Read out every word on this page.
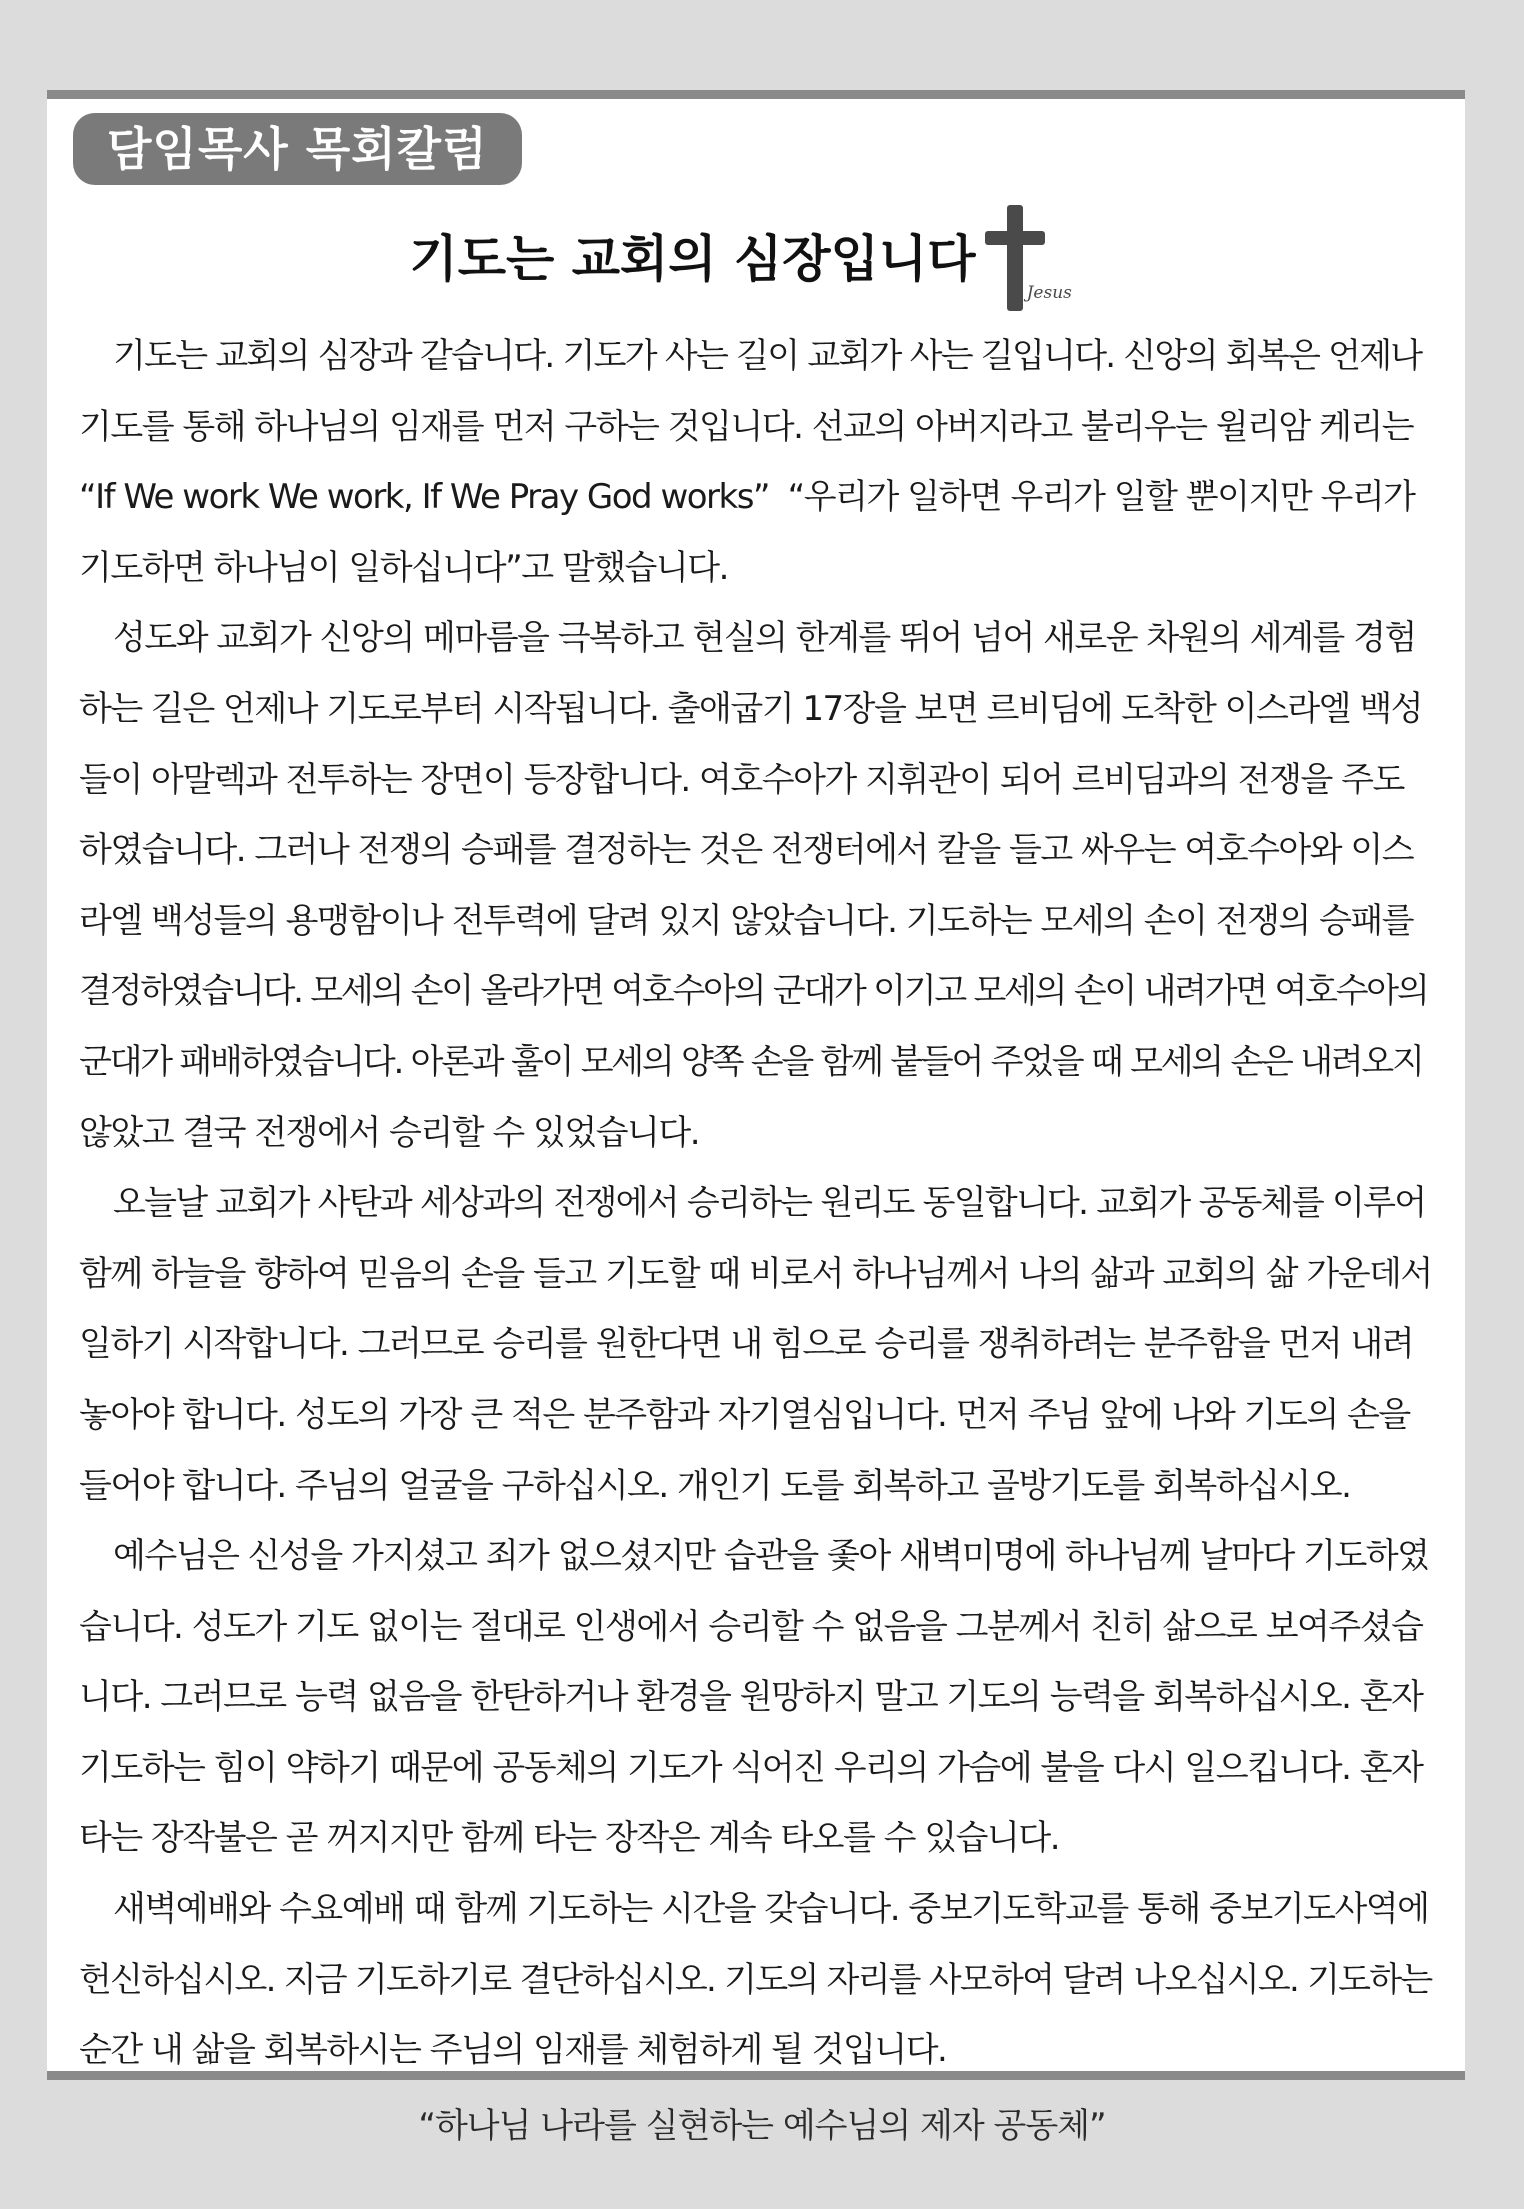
담임목사 목회칼럼
기도는 교회의 심장입니다
Jesus
기도는 교회의 심장과 같습니다. 기도가 사는 길이 교회가 사는 길입니다. 신앙의 회복은 언제나
기도를 통해 하나님의 임재를 먼저 구하는 것입니다. 선교의 아버지라고 불리우는 윌리암 케리는
“If We work We work, If We Pray God works”  “우리가 일하면 우리가 일할 뿐이지만 우리가
기도하면 하나님이 일하십니다”고 말했습니다.
성도와 교회가 신앙의 메마름을 극복하고 현실의 한계를 뛰어 넘어 새로운 차원의 세계를 경험
하는 길은 언제나 기도로부터 시작됩니다. 출애굽기 17장을 보면 르비딤에 도착한 이스라엘 백성
들이 아말렉과 전투하는 장면이 등장합니다. 여호수아가 지휘관이 되어 르비딤과의 전쟁을 주도
하였습니다. 그러나 전쟁의 승패를 결정하는 것은 전쟁터에서 칼을 들고 싸우는 여호수아와 이스
라엘 백성들의 용맹함이나 전투력에 달려 있지 않았습니다. 기도하는 모세의 손이 전쟁의 승패를
결정하였습니다. 모세의 손이 올라가면 여호수아의 군대가 이기고 모세의 손이 내려가면 여호수아의
군대가 패배하였습니다. 아론과 훌이 모세의 양쪽 손을 함께 붙들어 주었을 때 모세의 손은 내려오지
않았고 결국 전쟁에서 승리할 수 있었습니다.
오늘날 교회가 사탄과 세상과의 전쟁에서 승리하는 원리도 동일합니다. 교회가 공동체를 이루어
함께 하늘을 향하여 믿음의 손을 들고 기도할 때 비로서 하나님께서 나의 삶과 교회의 삶 가운데서
일하기 시작합니다. 그러므로 승리를 원한다면 내 힘으로 승리를 쟁취하려는 분주함을 먼저 내려
놓아야 합니다. 성도의 가장 큰 적은 분주함과 자기열심입니다. 먼저 주님 앞에 나와 기도의 손을
들어야 합니다. 주님의 얼굴을 구하십시오. 개인기 도를 회복하고 골방기도를 회복하십시오.
예수님은 신성을 가지셨고 죄가 없으셨지만 습관을 좇아 새벽미명에 하나님께 날마다 기도하였
습니다. 성도가 기도 없이는 절대로 인생에서 승리할 수 없음을 그분께서 친히 삶으로 보여주셨습
니다. 그러므로 능력 없음을 한탄하거나 환경을 원망하지 말고 기도의 능력을 회복하십시오. 혼자
기도하는 힘이 약하기 때문에 공동체의 기도가 식어진 우리의 가슴에 불을 다시 일으킵니다. 혼자
타는 장작불은 곧 꺼지지만 함께 타는 장작은 계속 타오를 수 있습니다.
새벽예배와 수요예배 때 함께 기도하는 시간을 갖습니다. 중보기도학교를 통해 중보기도사역에
헌신하십시오. 지금 기도하기로 결단하십시오. 기도의 자리를 사모하여 달려 나오십시오. 기도하는
순간 내 삶을 회복하시는 주님의 임재를 체험하게 될 것입니다.
“하나님 나라를 실현하는 예수님의 제자 공동체”
